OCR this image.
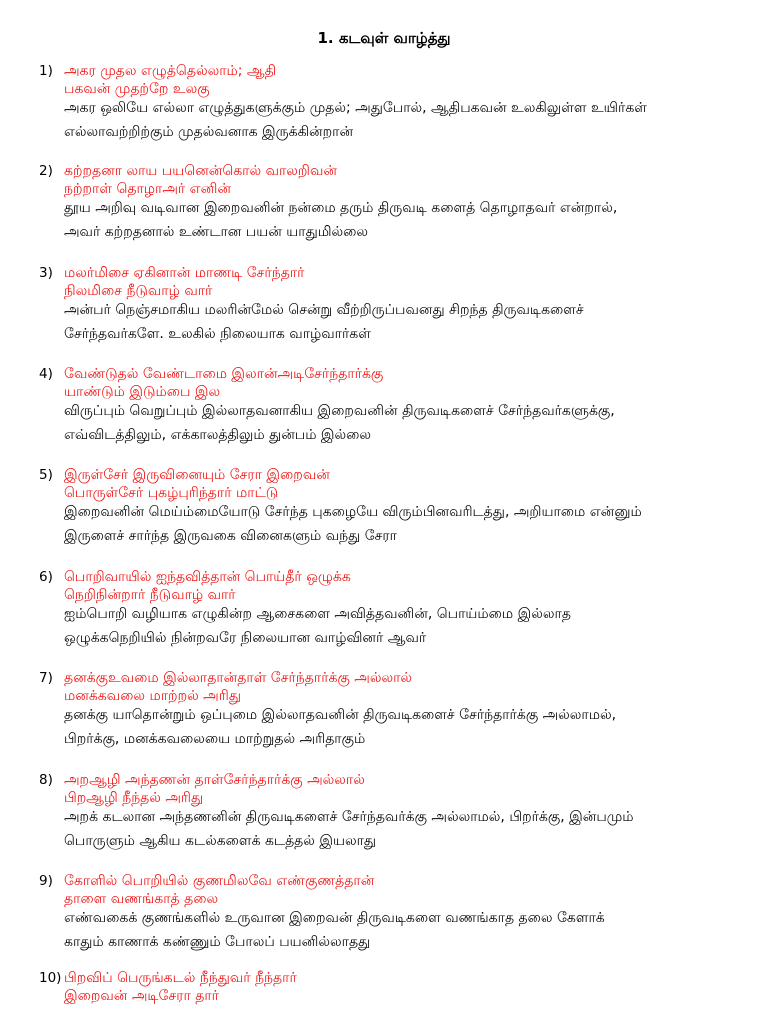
1. கடவுள் வாழ்த்து
1) அகர முதல எழுத்தெல்லாம்; ஆதி
பகவன் முதற்றே உலகு
அகர ஒலியே எல்லா எழுத்துகளுக்கும் முதல்; அதுபோல், ஆதிபகவன் உலகிலுள்ள உயிர்கள்
எல்லாவற்றிற்கும் முதல்வனாக இருக்கின்றான்
2) கற்றதனா லாய பயனென்கொல் வாலறிவன்
நற்றாள் தொழாஅர் எனின்
தூய அறிவு வடிவான இறைவனின் நன்மை தரும் திருவடி களைத் தொழாதவர் என்றால்,
அவர் கற்றதனால் உண்டான பயன் யாதுமில்லை
3) மலர்மிசை ஏகினான் மாணடி சேர்ந்தார்
நிலமிசை நீடுவாழ் வார்
அன்பர் நெஞ்சமாகிய மலரின்மேல் சென்று வீற்றிருப்பவனது சிறந்த திருவடிகளைச்
சேர்ந்தவர்களே. உலகில் நிலையாக வாழ்வார்கள்
4) வேண்டுதல் வேண்டாமை இலான்அடிசேர்ந்தார்க்கு
யாண்டும் இடும்பை இல
விருப்பும் வெறுப்பும் இல்லாதவனாகிய இறைவனின் திருவடிகளைச் சேர்ந்தவர்களுக்கு,
எவ்விடத்திலும், எக்காலத்திலும் துன்பம் இல்லை
5) இருள்சேர் இருவினையும் சேரா இறைவன்
பொருள்சேர் புகழ்புரிந்தார் மாட்டு
இறைவனின் மெய்ம்மையோடு சேர்ந்த புகழையே விரும்பினவரிடத்து, அறியாமை என்னும்
இருளைச் சார்ந்த இருவகை வினைகளும் வந்து சேரா
6) பொறிவாயில் ஐந்தவித்தான் பொய்தீர் ஒழுக்க
நெறிநின்றார் நீடுவாழ் வார்
ஐம்பொறி வழியாக எழுகின்ற ஆசைகளை அவித்தவனின், பொய்ம்மை இல்லாத
ஒழுக்கநெறியில் நின்றவரே நிலையான வாழ்வினர் ஆவர்
7) தனக்குஉவமை இல்லாதான்தாள் சேர்ந்தார்க்கு அல்லால்
மனக்கவலை மாற்றல் அரிது
தனக்கு யாதொன்றும் ஒப்புமை இல்லாதவனின் திருவடிகளைச் சேர்ந்தார்க்கு அல்லாமல்,
பிறர்க்கு, மனக்கவலையை மாற்றுதல் அரிதாகும்
8) அறஆழி அந்தணன் தாள்சேர்ந்தார்க்கு அல்லால்
பிறஆழி நீந்தல் அரிது
அறக் கடலான அந்தணனின் திருவடிகளைச் சேர்ந்தவர்க்கு அல்லாமல், பிறர்க்கு, இன்பமும்
பொருளும் ஆகிய கடல்களைக் கடத்தல் இயலாது
9) கோளில் பொறியில் குணமிலவே எண்குணத்தான்
தாளை வணங்காத் தலை
எண்வகைக் குணங்களில் உருவான இறைவன் திருவடிகளை வணங்காத தலை கேளாக்
காதும் காணாக் கண்ணும் போலப் பயனில்லாதது
10) பிறவிப் பெருங்கடல் நீந்துவர் நீந்தார்
இறைவன் அடிசேரா தார்
